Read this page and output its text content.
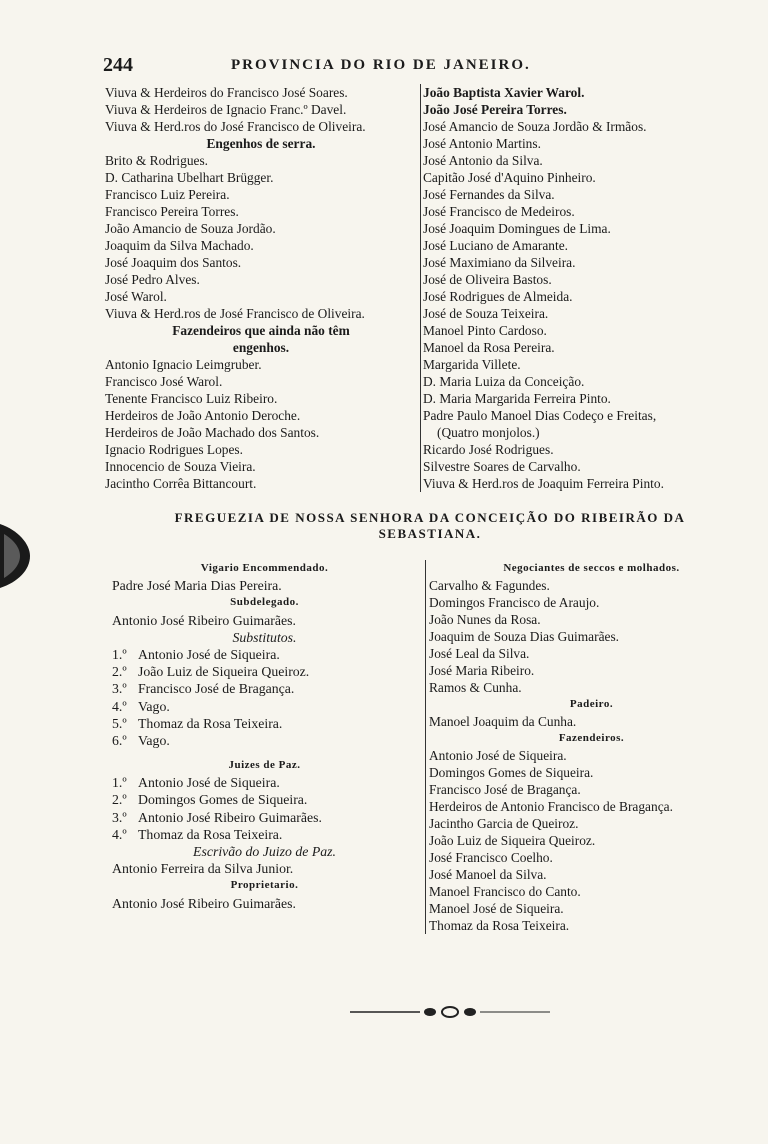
244	PROVINCIA DO RIO DE JANEIRO.
Viuva & Herdeiros do Francisco José Soares.
Viuva & Herdeiros de Ignacio Franc.º Davel.
Viuva & Herd.ros do José Francisco de Oliveira.
Engenhos de serra.
Brito & Rodrigues.
D. Catharina Ubelhart Brügger.
Francisco Luiz Pereira.
Francisco Pereira Torres.
João Amancio de Souza Jordão.
Joaquim da Silva Machado.
José Joaquim dos Santos.
José Pedro Alves.
José Warol.
Viuva & Herd.ros de José Francisco de Oliveira.
Fazendeiros que ainda não têm
engenhos.
Antonio Ignacio Leimgruber.
Francisco José Warol.
Tenente Francisco Luiz Ribeiro.
Herdeiros de João Antonio Deroche.
Herdeiros de João Machado dos Santos.
Ignacio Rodrigues Lopes.
Innocencio de Souza Vieira.
Jacintho Corrêa Bittancourt.
João Baptista Xavier Warol.
João José Pereira Torres.
José Amancio de Souza Jordão & Irmãos.
José Antonio Martins.
José Antonio da Silva.
Capitão José d'Aquino Pinheiro.
José Fernandes da Silva.
José Francisco de Medeiros.
José Joaquim Domingues de Lima.
José Luciano de Amarante.
José Maximiano da Silveira.
José de Oliveira Bastos.
José Rodrigues de Almeida.
José de Souza Teixeira.
Manoel Pinto Cardoso.
Manoel da Rosa Pereira.
Margarida Villete.
D. Maria Luiza da Conceição.
D. Maria Margarida Ferreira Pinto.
Padre Paulo Manoel Dias Codeço e Freitas,
(Quatro monjolos.)
Ricardo José Rodrigues.
Silvestre Soares de Carvalho.
Viuva & Herd.ros de Joaquim Ferreira Pinto.
FREGUEZIA DE NOSSA SENHORA DA CONCEIÇÃO DO RIBEIRÃO DA
SEBASTIANA.
Vigario Encommendado.
Padre José Maria Dias Pereira.
Subdelegado.
Antonio José Ribeiro Guimarães.
Substitutos.
1.º Antonio José de Siqueira.
2.º João Luiz de Siqueira Queiroz.
3.º Francisco José de Bragança.
4.º Vago.
5.º Thomaz da Rosa Teixeira.
6.º Vago.
Juizes de Paz.
1.º Antonio José de Siqueira.
2.º Domingos Gomes de Siqueira.
3.º Antonio José Ribeiro Guimarães.
4.º Thomaz da Rosa Teixeira.
Escrivão do Juizo de Paz.
Antonio Ferreira da Silva Junior.
Proprietario.
Antonio José Ribeiro Guimarães.
Negociantes de seccos e molhados.
Carvalho & Fagundes.
Domingos Francisco de Araujo.
João Nunes da Rosa.
Joaquim de Souza Dias Guimarães.
José Leal da Silva.
José Maria Ribeiro.
Ramos & Cunha.
Padeiro.
Manoel Joaquim da Cunha.
Fazendeiros.
Antonio José de Siqueira.
Domingos Gomes de Siqueira.
Francisco José de Bragança.
Herdeiros de Antonio Francisco de Bragança.
Jacintho Garcia de Queiroz.
João Luiz de Siqueira Queiroz.
José Francisco Coelho.
José Manoel da Silva.
Manoel Francisco do Canto.
Manoel José de Siqueira.
Thomaz da Rosa Teixeira.
